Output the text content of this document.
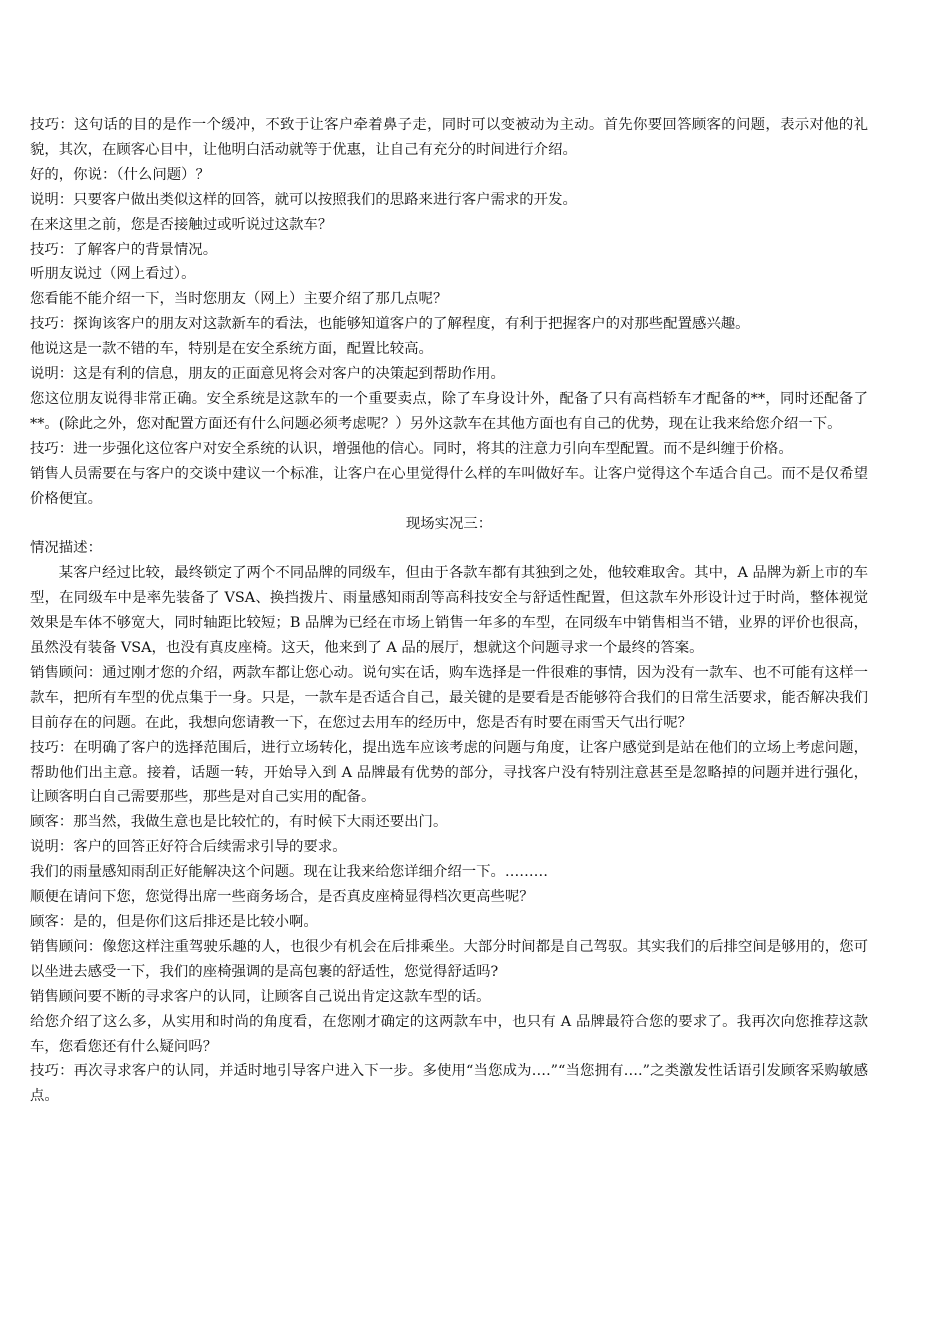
技巧：这句话的目的是作一个缓冲，不致于让客户牵着鼻子走，同时可以变被动为主动。首先你要回答顾客的问题，表示对他的礼貌，其次，在顾客心目中，让他明白活动就等于优惠，让自己有充分的时间进行介绍。

好的，你说：（什么问题）？

说明：只要客户做出类似这样的回答，就可以按照我们的思路来进行客户需求的开发。

在来这里之前，您是否接触过或听说过这款车？

技巧：了解客户的背景情况。

听朋友说过（网上看过）。

您看能不能介绍一下，当时您朋友（网上）主要介绍了那几点呢？

技巧：探询该客户的朋友对这款新车的看法，也能够知道客户的了解程度，有利于把握客户的对那些配置感兴趣。

他说这是一款不错的车，特别是在安全系统方面，配置比较高。

说明：这是有利的信息，朋友的正面意见将会对客户的决策起到帮助作用。

您这位朋友说得非常正确。安全系统是这款车的一个重要卖点，除了车身设计外，配备了只有高档轿车才配备的**，同时还配备了**。(除此之外，您对配置方面还有什么问题必须考虑呢？）另外这款车在其他方面也有自己的优势，现在让我来给您介绍一下。

技巧：进一步强化这位客户对安全系统的认识，增强他的信心。同时，将其的注意力引向车型配置。而不是纠缠于价格。

销售人员需要在与客户的交谈中建议一个标准，让客户在心里觉得什么样的车叫做好车。让客户觉得这个车适合自己。而不是仅希望价格便宜。

现场实况三：

情况描述：

某客户经过比较，最终锁定了两个不同品牌的同级车，但由于各款车都有其独到之处，他较难取舍。其中，A 品牌为新上市的车型，在同级车中是率先装备了 VSA、换挡拨片、雨量感知雨刮等高科技安全与舒适性配置，但这款车外形设计过于时尚，整体视觉效果是车体不够宽大，同时轴距比较短；B 品牌为已经在市场上销售一年多的车型，在同级车中销售相当不错，业界的评价也很高，虽然没有装备 VSA，也没有真皮座椅。这天，他来到了 A 品的展厅，想就这个问题寻求一个最终的答案。

销售顾问：通过刚才您的介绍，两款车都让您心动。说句实在话，购车选择是一件很难的事情，因为没有一款车、也不可能有这样一款车，把所有车型的优点集于一身。只是，一款车是否适合自己，最关键的是要看是否能够符合我们的日常生活要求，能否解决我们目前存在的问题。在此，我想向您请教一下，在您过去用车的经历中，您是否有时要在雨雪天气出行呢？

技巧：在明确了客户的选择范围后，进行立场转化，提出选车应该考虑的问题与角度，让客户感觉到是站在他们的立场上考虑问题，帮助他们出主意。接着，话题一转，开始导入到 A 品牌最有优势的部分，寻找客户没有特别注意甚至是忽略掉的问题并进行强化，让顾客明白自己需要那些，那些是对自己实用的配备。

顾客：那当然，我做生意也是比较忙的，有时候下大雨还要出门。

说明：客户的回答正好符合后续需求引导的要求。

我们的雨量感知雨刮正好能解决这个问题。现在让我来给您详细介绍一下。………

顺便在请问下您，您觉得出席一些商务场合，是否真皮座椅显得档次更高些呢？

顾客：是的，但是你们这后排还是比较小啊。

销售顾问：像您这样注重驾驶乐趣的人，也很少有机会在后排乘坐。大部分时间都是自己驾驭。其实我们的后排空间是够用的，您可以坐进去感受一下，我们的座椅强调的是高包裹的舒适性，您觉得舒适吗?

销售顾问要不断的寻求客户的认同，让顾客自己说出肯定这款车型的话。

给您介绍了这么多，从实用和时尚的角度看，在您刚才确定的这两款车中，也只有 A 品牌最符合您的要求了。我再次向您推荐这款车，您看您还有什么疑问吗？

技巧：再次寻求客户的认同，并适时地引导客户进入下一步。多使用“当您成为….”“当您拥有….”之类激发性话语引发顾客采购敏感点。
